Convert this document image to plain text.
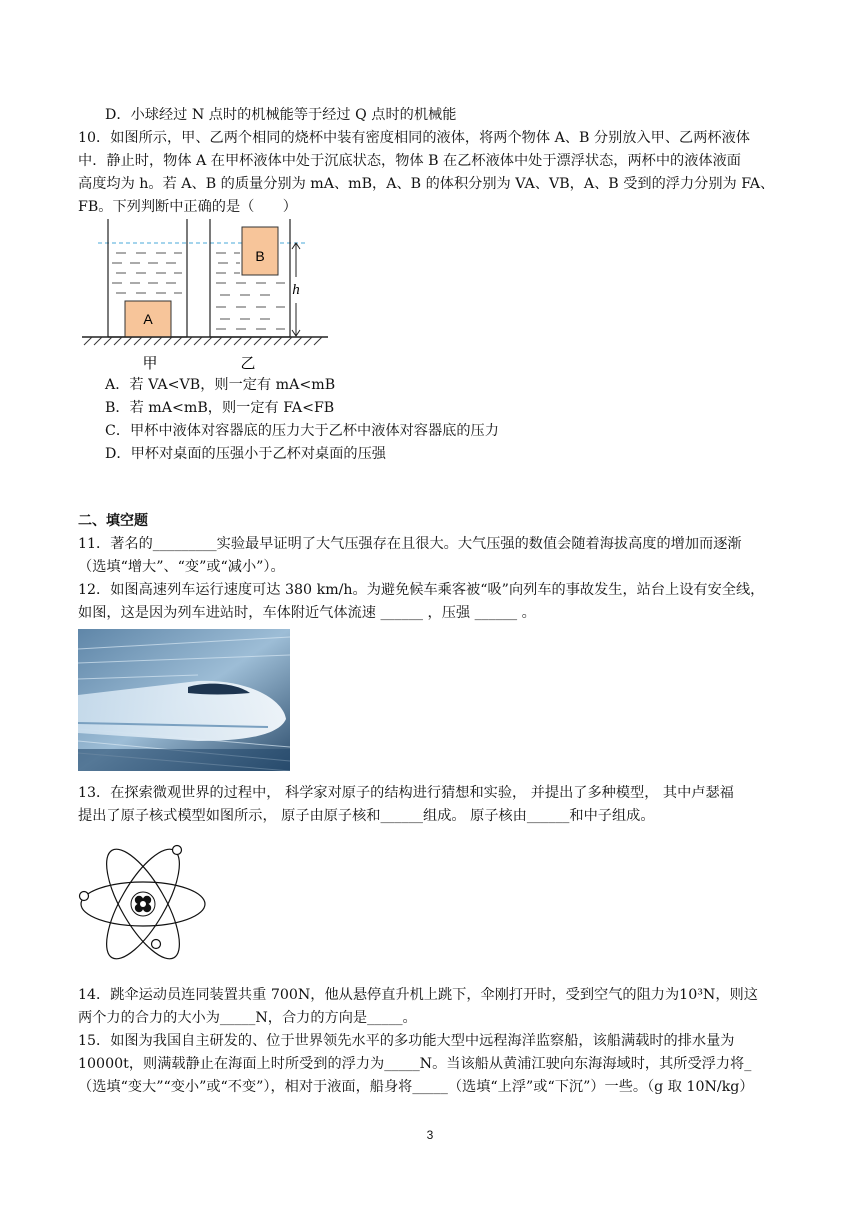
D．小球经过 N 点时的机械能等于经过 Q 点时的机械能
10．如图所示，甲、乙两个相同的烧杯中装有密度相同的液体，将两个物体 A、B 分别放入甲、乙两杯液体
中．静止时，物体 A 在甲杯液体中处于沉底状态，物体 B 在乙杯液体中处于漂浮状态，两杯中的液体液面
高度均为 h。若 A、B 的质量分别为 mA、mB，A、B 的体积分别为 VA、VB，A、B 受到的浮力分别为 FA、
FB。下列判断中正确的是（　　）
A
B
h
甲	乙
A．若 VA<VB，则一定有 mA<mB
B．若 mA<mB，则一定有 FA<FB
C．甲杯中液体对容器底的压力大于乙杯中液体对容器底的压力
D．甲杯对桌面的压强小于乙杯对桌面的压强
二、填空题
11．著名的_________实验最早证明了大气压强存在且很大。大气压强的数值会随着海拔高度的增加而逐渐
（选填“增大”、“变”或“减小”）。
12．如图高速列车运行速度可达 380 km/h。为避免候车乘客被“吸”向列车的事故发生，站台上设有安全线，
如图，这是因为列车进站时，车体附近气体流速 ______ ，压强 ______ 。
13．在探索微观世界的过程中， 科学家对原子的结构进行猜想和实验， 并提出了多种模型， 其中卢瑟福
提出了原子核式模型如图所示， 原子由原子核和______组成。 原子核由______和中子组成。
14．跳伞运动员连同装置共重 700N，他从悬停直升机上跳下，伞刚打开时，受到空气的阻力为10³N，则这
两个力的合力的大小为_____N，合力的方向是_____。
15．如图为我国自主研发的、位于世界领先水平的多功能大型中远程海洋监察船，该船满载时的排水量为
10000t，则满载静止在海面上时所受到的浮力为_____N。当该船从黄浦江驶向东海海域时，其所受浮力将_
（选填“变大”“变小”或“不变”），相对于液面，船身将_____（选填“上浮”或“下沉”）一些。（g 取 10N/kg）
3
